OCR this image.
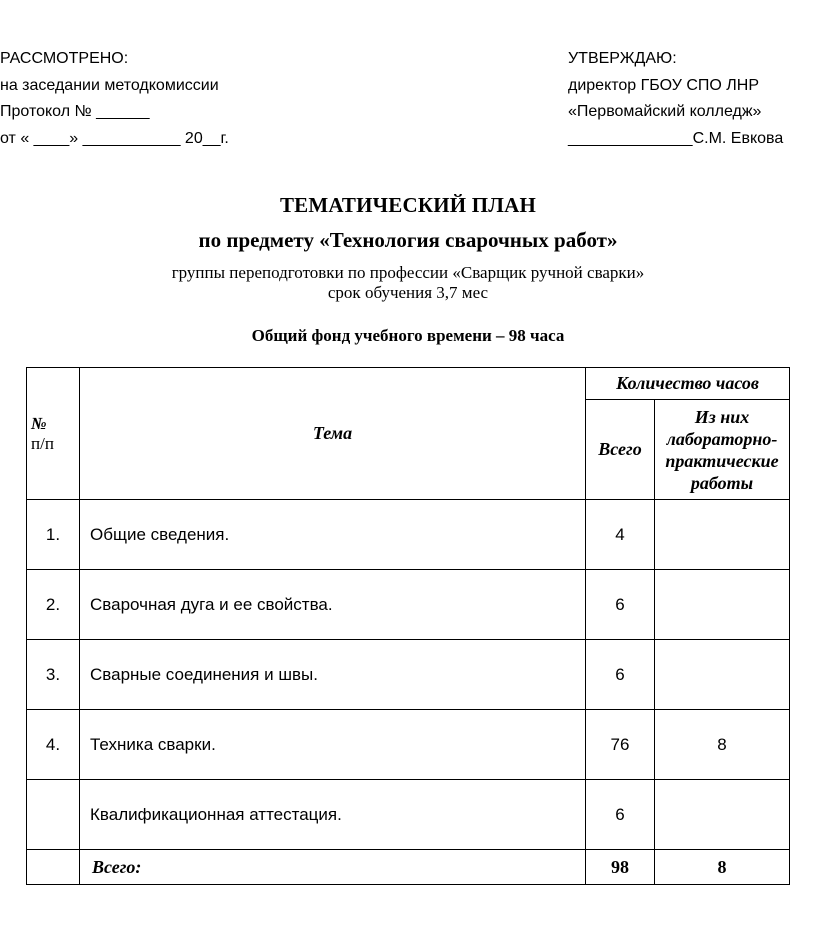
РАССМОТРЕНО:
на заседании методкомиссии
Протокол № ______
от « ____» ___________ 20__г.
УТВЕРЖДАЮ:
директор ГБОУ СПО ЛНР
«Первомайский колледж»
______________С.М. Евкова
ТЕМАТИЧЕСКИЙ ПЛАН
по предмету «Технология сварочных работ»
группы переподготовки по профессии «Сварщик ручной сварки»
срок обучения 3,7 мес
Общий фонд учебного времени – 98 часа
№
п/п	Тема	Количество часов	
		Всего	Из них лабораторно-практические работы
1.	Общие сведения.	4	
2.	Сварочная дуга и ее свойства.	6	
3.	Сварные соединения и швы.	6	
4.	Техника сварки.	76	8
	Квалификационная аттестация.	6	
	Всего:	98	8
